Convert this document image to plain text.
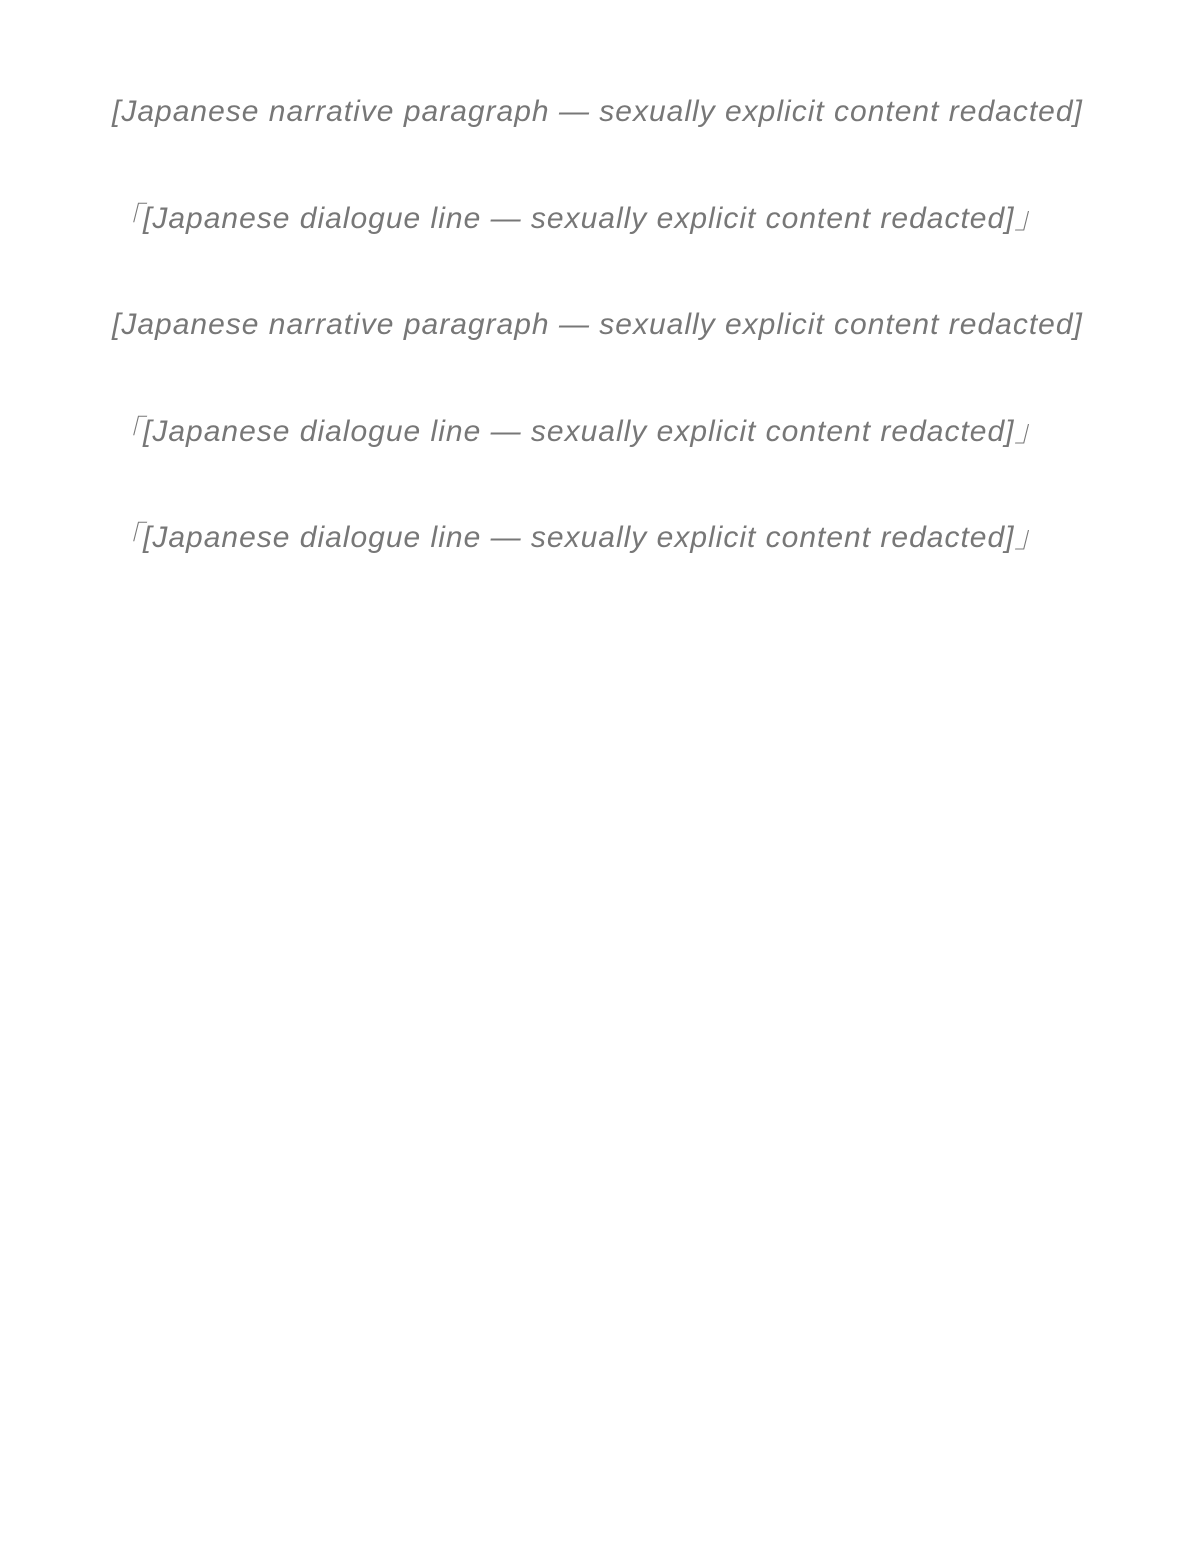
[Japanese narrative paragraph — sexually explicit content redacted]

「[Japanese dialogue line — sexually explicit content redacted]」

[Japanese narrative paragraph — sexually explicit content redacted]

「[Japanese dialogue line — sexually explicit content redacted]」

「[Japanese dialogue line — sexually explicit content redacted]」
